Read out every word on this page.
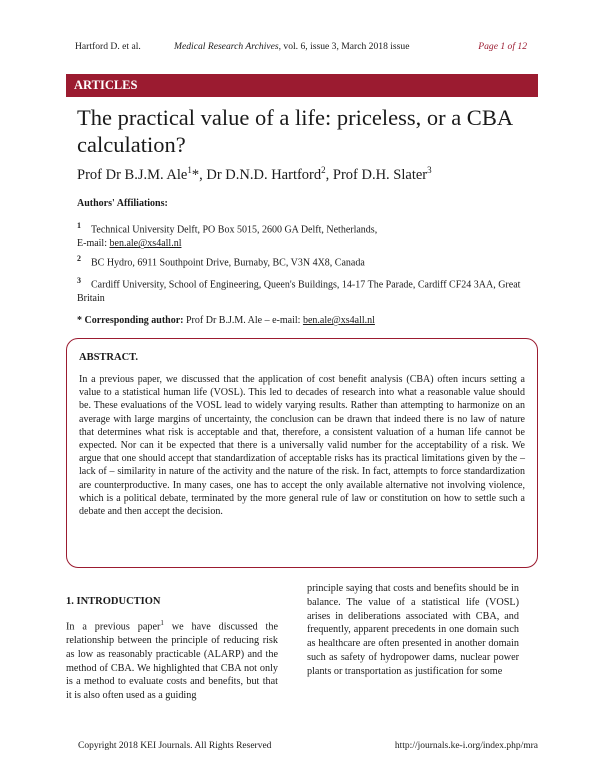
Hartford D. et al.	Medical Research Archives, vol. 6, issue 3, March 2018 issue	Page 1 of 12
ARTICLES
The practical value of a life: priceless, or a CBA calculation?
Prof Dr B.J.M. Ale$^1$*, Dr D.N.D. Hartford$^2$, Prof D.H. Slater$^3$
Authors' Affiliations:
$^1$ Technical University Delft, PO Box 5015, 2600 GA Delft, Netherlands,
E-mail: ben.ale@xs4all.nl
$^2$ BC Hydro, 6911 Southpoint Drive, Burnaby, BC, V3N 4X8, Canada
$^3$ Cardiff University, School of Engineering, Queen's Buildings, 14-17 The Parade, Cardiff CF24 3AA, Great Britain
* Corresponding author: Prof Dr B.J.M. Ale – e-mail: ben.ale@xs4all.nl
ABSTRACT.
In a previous paper, we discussed that the application of cost benefit analysis (CBA) often incurs setting a value to a statistical human life (VOSL). This led to decades of research into what a reasonable value should be. These evaluations of the VOSL lead to widely varying results. Rather than attempting to harmonize on an average with large margins of uncertainty, the conclusion can be drawn that indeed there is no law of nature that determines what risk is acceptable and that, therefore, a consistent valuation of a human life cannot be expected. Nor can it be expected that there is a universally valid number for the acceptability of a risk. We argue that one should accept that standardization of acceptable risks has its practical limitations given by the – lack of – similarity in nature of the activity and the nature of the risk. In fact, attempts to force standardization are counterproductive. In many cases, one has to accept the only available alternative not involving violence, which is a political debate, terminated by the more general rule of law or constitution on how to settle such a debate and then accept the decision.
1. INTRODUCTION
In a previous paper$^1$ we have discussed the relationship between the principle of reducing risk as low as reasonably practicable (ALARP) and the method of CBA. We highlighted that CBA not only is a method to evaluate costs and benefits, but that it is also often used as a guiding
principle saying that costs and benefits should be in balance. The value of a statistical life (VOSL) arises in deliberations associated with CBA, and frequently, apparent precedents in one domain such as healthcare are often presented in another domain such as safety of hydropower dams, nuclear power plants or transportation as justification for some
Copyright 2018 KEI Journals. All Rights Reserved	http://journals.ke-i.org/index.php/mra
